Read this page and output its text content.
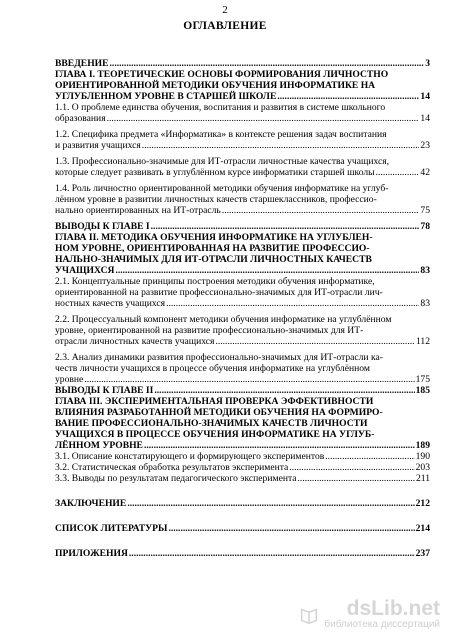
2
ОГЛАВЛЕНИЕ
ВВЕДЕНИЕ .....	3
ГЛАВА I. ТЕОРЕТИЧЕСКИЕ ОСНОВЫ ФОРМИРОВАНИЯ ЛИЧНОСТНО
ОРИЕНТИРОВАННОЙ МЕТОДИКИ ОБУЧЕНИЯ ИНФОРМАТИКЕ НА
УГЛУБЛЕННОМ УРОВНЕ В СТАРШЕЙ ШКОЛЕ .....	14
1.1. О проблеме единства обучения, воспитания и развития в системе школьного
образования .....	14
1.2. Специфика предмета «Информатика» в контексте решения задач воспитания
и развития учащихся .....	23
1.3. Профессионально-значимые для ИТ-отрасли личностные качества учащихся,
которые следует развивать в углублённом курсе информатики старшей школы .....	42
1.4. Роль личностно ориентированной методики обучения информатике на углуб-
лённом уровне в развитии личностных качеств старшеклассников, профессио-
нально ориентированных на ИТ-отрасль .....	75
ВЫВОДЫ К ГЛАВЕ I .....	78
ГЛАВА II. МЕТОДИКА ОБУЧЕНИЯ ИНФОРМАТИКЕ НА УГЛУБЛЕН-
НОМ УРОВНЕ, ОРИЕНТИРОВАННАЯ НА РАЗВИТИЕ ПРОФЕССИО-
НАЛЬНО-ЗНАЧИМЫХ ДЛЯ ИТ-ОТРАСЛИ ЛИЧНОСТНЫХ КАЧЕСТВ
УЧАЩИХСЯ .....	83
2.1. Концептуальные принципы построения методики обучения информатике,
ориентированной на развитие профессионально-значимых для ИТ-отрасли лич-
ностных качеств учащихся .....	83
2.2. Процессуальный компонент методики обучения информатике на углублённом
уровне, ориентированной на развитие профессионально-значимых для ИТ-
отрасли личностных качеств учащихся .....	112
2.3. Анализ динамики развития профессионально-значимых для ИТ-отрасли ка-
честв личности учащихся в процессе обучения информатике на углублённом
уровне .....	175
ВЫВОДЫ К ГЛАВЕ II .....	185
ГЛАВА III. ЭКСПЕРИМЕНТАЛЬНАЯ ПРОВЕРКА ЭФФЕКТИВНОСТИ
ВЛИЯНИЯ РАЗРАБОТАННОЙ МЕТОДИКИ ОБУЧЕНИЯ НА ФОРМИРО-
ВАНИЕ ПРОФЕССИОНАЛЬНО-ЗНАЧИМЫХ КАЧЕСТВ ЛИЧНОСТИ
УЧАЩИХСЯ В ПРОЦЕССЕ ОБУЧЕНИЯ ИНФОРМАТИКЕ НА УГЛУБ-
ЛЁННОМ УРОВНЕ .....	189
3.1. Описание констатирующего и формирующего экспериментов .....	190
3.2. Статистическая обработка результатов эксперимента .....	203
3.3. Выводы по результатам педагогического эксперимента .....	211
ЗАКЛЮЧЕНИЕ .....	212
СПИСОК ЛИТЕРАТУРЫ .....	214
ПРИЛОЖЕНИЯ .....	237
dsLib.net
библиотека диссертаций
